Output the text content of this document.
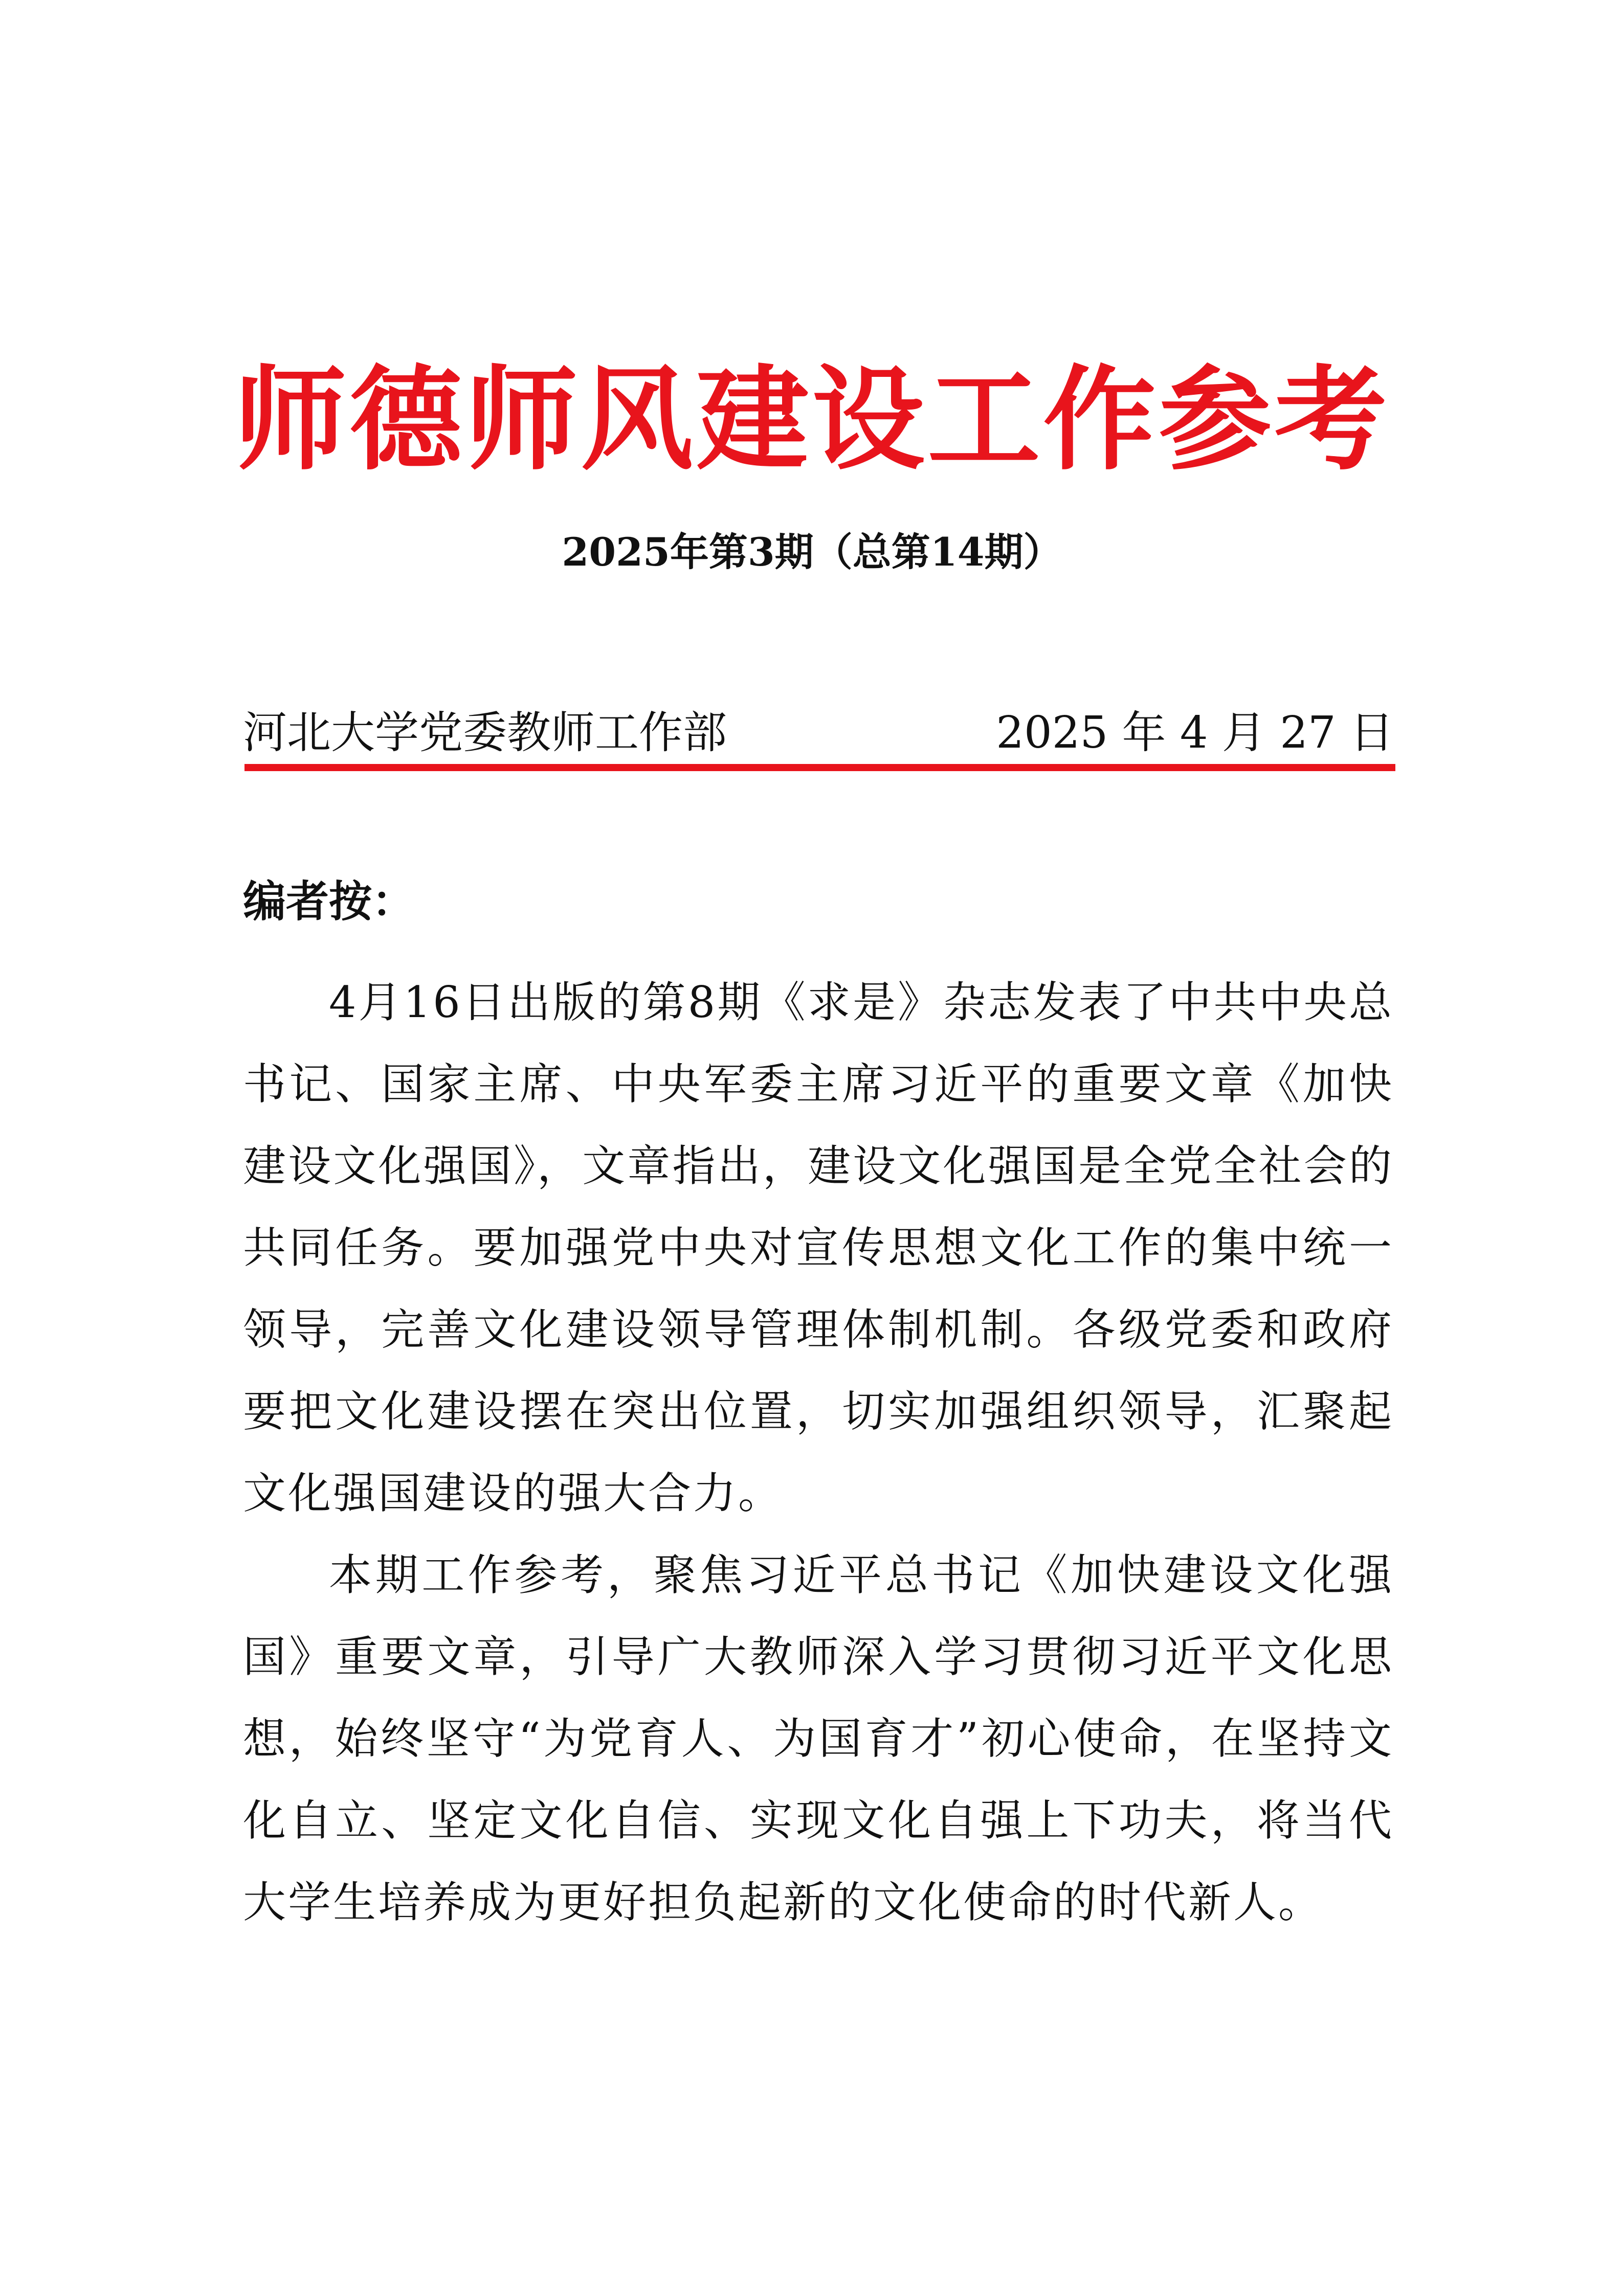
师德师风建设工作参考
2025年第3期（总第14期）
河北大学党委教师工作部	2025 年 4 月 27 日
编者按：

4月16日出版的第8期《求是》杂志发表了中共中央总书记、国家主席、中央军委主席习近平的重要文章《加快建设文化强国》，文章指出，建设文化强国是全党全社会的共同任务。要加强党中央对宣传思想文化工作的集中统一领导，完善文化建设领导管理体制机制。各级党委和政府要把文化建设摆在突出位置，切实加强组织领导，汇聚起文化强国建设的强大合力。

本期工作参考，聚焦习近平总书记《加快建设文化强国》重要文章，引导广大教师深入学习贯彻习近平文化思想，始终坚守“为党育人、为国育才”初心使命，在坚持文化自立、坚定文化自信、实现文化自强上下功夫，将当代大学生培养成为更好担负起新的文化使命的时代新人。
